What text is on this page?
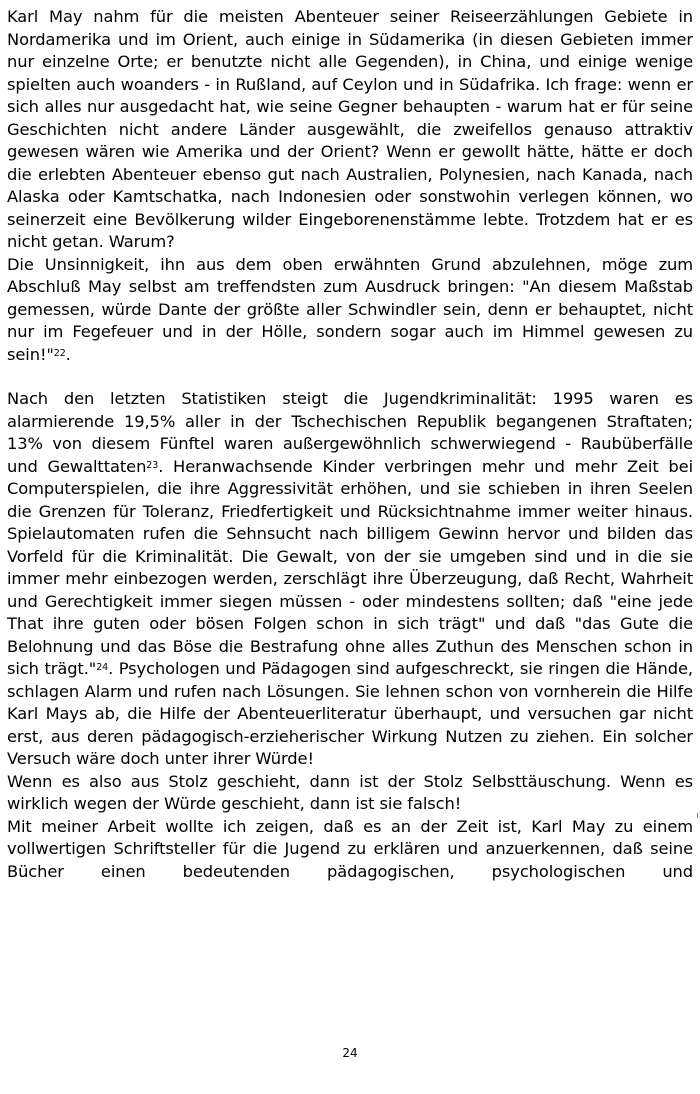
Karl May nahm für die meisten Abenteuer seiner Reiseerzählungen Gebiete in Nordamerika und im Orient, auch einige in Südamerika (in diesen Gebieten immer nur einzelne Orte; er benutzte nicht alle Gegenden), in China, und einige wenige spielten auch woanders - in Rußland, auf Ceylon und in Südafrika. Ich frage: wenn er sich alles nur ausgedacht hat, wie seine Gegner behaupten - warum hat er für seine Geschichten nicht andere Länder ausgewählt, die zweifellos genauso attraktiv gewesen wären wie Amerika und der Orient? Wenn er gewollt hätte, hätte er doch die erlebten Abenteuer ebenso gut nach Australien, Polynesien, nach Kanada, nach Alaska oder Kamtschatka, nach Indonesien oder sonstwohin verlegen können, wo seinerzeit eine Bevölkerung wilder Eingeborenenstämme lebte. Trotzdem hat er es nicht getan. Warum?

Die Unsinnigkeit, ihn aus dem oben erwähnten Grund abzulehnen, möge zum Abschluß May selbst am treffendsten zum Ausdruck bringen: "An diesem Maßstab gemessen, würde Dante der größte aller Schwindler sein, denn er behauptet, nicht nur im Fegefeuer und in der Hölle, sondern sogar auch im Himmel gewesen zu sein!"$^{22}$.

Nach den letzten Statistiken steigt die Jugendkriminalität: 1995 waren es alarmierende 19,5% aller in der Tschechischen Republik begangenen Straftaten; 13% von diesem Fünftel waren außergewöhnlich schwerwiegend - Raubüberfälle und Gewalttaten$^{23}$. Heranwachsende Kinder verbringen mehr und mehr Zeit bei Computerspielen, die ihre Aggressivität erhöhen, und sie schieben in ihren Seelen die Grenzen für Toleranz, Friedfertigkeit und Rücksichtnahme immer weiter hinaus. Spielautomaten rufen die Sehnsucht nach billigem Gewinn hervor und bilden das Vorfeld für die Kriminalität. Die Gewalt, von der sie umgeben sind und in die sie immer mehr einbezogen werden, zerschlägt ihre Überzeugung, daß Recht, Wahrheit und Gerechtigkeit immer siegen müssen - oder mindestens sollten; daß "eine jede That ihre guten oder bösen Folgen schon in sich trägt" und daß "das Gute die Belohnung und das Böse die Bestrafung ohne alles Zuthun des Menschen schon in sich trägt."$^{24}$. Psychologen und Pädagogen sind aufgeschreckt, sie ringen die Hände, schlagen Alarm und rufen nach Lösungen. Sie lehnen schon von vornherein die Hilfe Karl Mays ab, die Hilfe der Abenteuerliteratur überhaupt, und versuchen gar nicht erst, aus deren pädagogisch-erzieherischer Wirkung Nutzen zu ziehen. Ein solcher Versuch wäre doch unter ihrer Würde!

Wenn es also aus Stolz geschieht, dann ist der Stolz Selbsttäuschung. Wenn es wirklich wegen der Würde geschieht, dann ist sie falsch!

Mit meiner Arbeit wollte ich zeigen, daß es an der Zeit ist, Karl May zu einem vollwertigen Schriftsteller für die Jugend zu erklären und anzuerkennen, daß seine Bücher einen bedeutenden pädagogischen, psychologischen und

24
